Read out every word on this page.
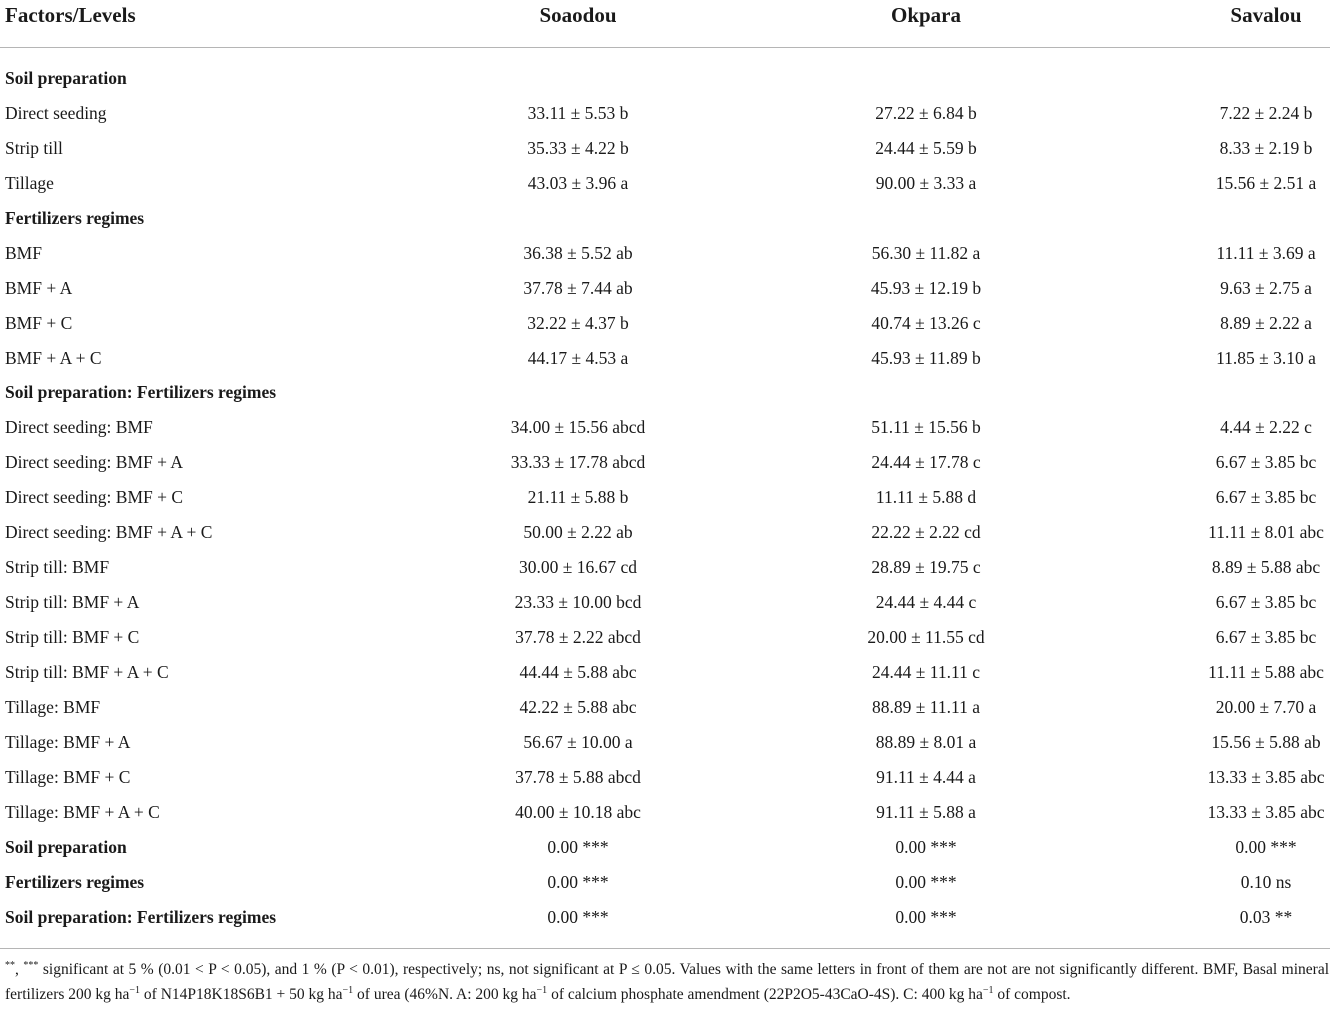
Factors/Levels	Soaodou	Okpara	Savalou
Soil preparation
Direct seeding	33.11 ± 5.53 b	27.22 ± 6.84 b	7.22 ± 2.24 b
Strip till	35.33 ± 4.22 b	24.44 ± 5.59 b	8.33 ± 2.19 b
Tillage	43.03 ± 3.96 a	90.00 ± 3.33 a	15.56 ± 2.51 a
Fertilizers regimes
BMF	36.38 ± 5.52 ab	56.30 ± 11.82 a	11.11 ± 3.69 a
BMF + A	37.78 ± 7.44 ab	45.93 ± 12.19 b	9.63 ± 2.75 a
BMF + C	32.22 ± 4.37 b	40.74 ± 13.26 c	8.89 ± 2.22 a
BMF + A + C	44.17 ± 4.53 a	45.93 ± 11.89 b	11.85 ± 3.10 a
Soil preparation: Fertilizers regimes
Direct seeding: BMF	34.00 ± 15.56 abcd	51.11 ± 15.56 b	4.44 ± 2.22 c
Direct seeding: BMF + A	33.33 ± 17.78 abcd	24.44 ± 17.78 c	6.67 ± 3.85 bc
Direct seeding: BMF + C	21.11 ± 5.88 b	11.11 ± 5.88 d	6.67 ± 3.85 bc
Direct seeding: BMF + A + C	50.00 ± 2.22 ab	22.22 ± 2.22 cd	11.11 ± 8.01 abc
Strip till: BMF	30.00 ± 16.67 cd	28.89 ± 19.75 c	8.89 ± 5.88 abc
Strip till: BMF + A	23.33 ± 10.00 bcd	24.44 ± 4.44 c	6.67 ± 3.85 bc
Strip till: BMF + C	37.78 ± 2.22 abcd	20.00 ± 11.55 cd	6.67 ± 3.85 bc
Strip till: BMF + A + C	44.44 ± 5.88 abc	24.44 ± 11.11 c	11.11 ± 5.88 abc
Tillage: BMF	42.22 ± 5.88 abc	88.89 ± 11.11 a	20.00 ± 7.70 a
Tillage: BMF + A	56.67 ± 10.00 a	88.89 ± 8.01 a	15.56 ± 5.88 ab
Tillage: BMF + C	37.78 ± 5.88 abcd	91.11 ± 4.44 a	13.33 ± 3.85 abc
Tillage: BMF + A + C	40.00 ± 10.18 abc	91.11 ± 5.88 a	13.33 ± 3.85 abc
Soil preparation	0.00 ***	0.00 ***	0.00 ***
Fertilizers regimes	0.00 ***	0.00 ***	0.10 ns
Soil preparation: Fertilizers regimes	0.00 ***	0.00 ***	0.03 **
**, *** significant at 5 % (0.01 < P < 0.05), and 1 % (P < 0.01), respectively; ns, not significant at P ≤ 0.05. Values with the same letters in front of them are not are not significantly different. BMF, Basal mineral fertilizers 200 kg $ha^{-1}$ of N14P18K18S6B1 + 50 kg $ha^{-1}$ of urea (46%N. A: 200 kg $ha^{-1}$ of calcium phosphate amendment (22P2O5-43CaO-4S). C: 400 kg $ha^{-1}$ of compost.
